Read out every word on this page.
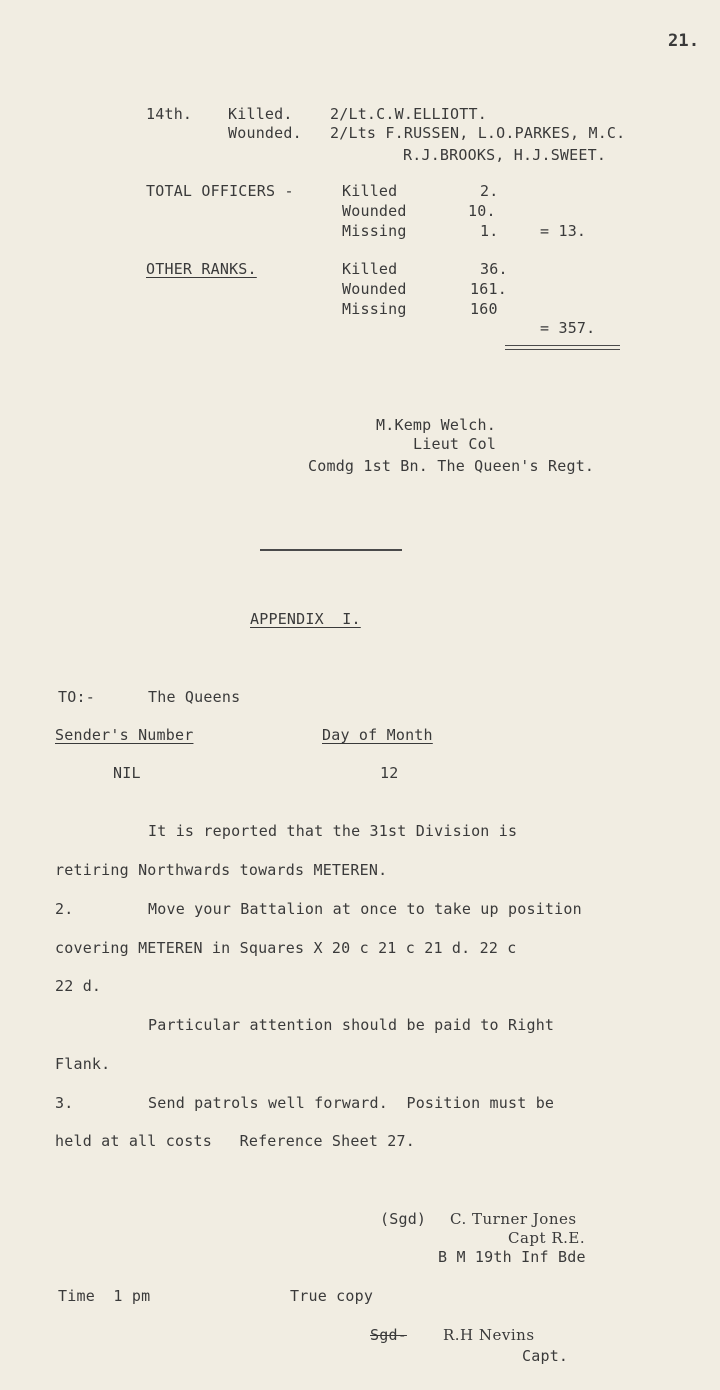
21.
14th. Killed. 2/Lt.C.W.ELLIOTT.
Wounded. 2/Lts F.RUSSEN, L.O.PARKES, M.C.
R.J.BROOKS, H.J.SWEET.
TOTAL OFFICERS -	Killed	2.
Wounded	10.
Missing	1.	= 13.
OTHER RANKS.	Killed	36.
Wounded	161.
Missing	160
= 357.
M.Kemp Welch.
Lieut Col
Comdg 1st Bn. The Queen's Regt.
APPENDIX  I.
TO:-	The Queens
Sender's Number	Day of Month
NIL	12
It is reported that the 31st Division is
retiring Northwards towards METEREN.
2.	Move your Battalion at once to take up position
covering METEREN in Squares X 20 c 21 c 21 d. 22 c
22 d.
Particular attention should be paid to Right
Flank.
3.	Send patrols well forward.  Position must be
held at all costs   Reference Sheet 27.
(Sgd) C. Turner Jones
Capt R.E.
B M 19th Inf Bde
Time  1 pm	True copy
Sgd- R.H Nevins
Capt.
